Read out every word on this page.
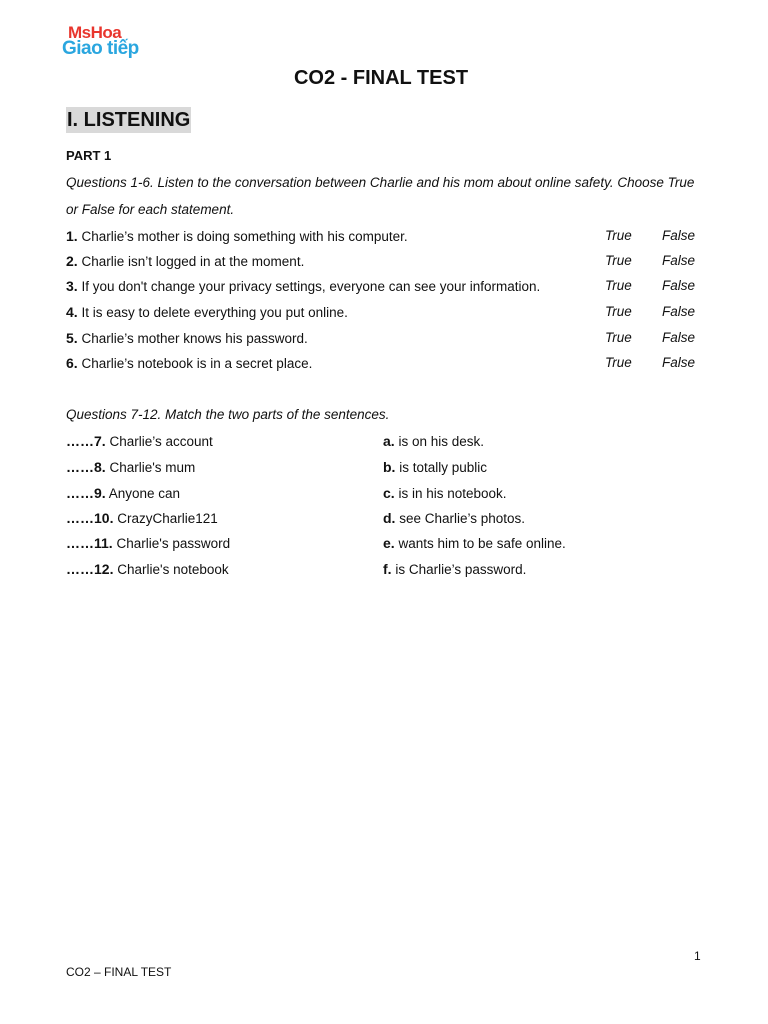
MsHoa
Giao tiếp
CO2 - FINAL TEST
I. LISTENING
PART 1
Questions 1-6. Listen to the conversation between Charlie and his mom about online safety. Choose True or False for each statement.
1. Charlie’s mother is doing something with his computer.	True False
2. Charlie isn’t logged in at the moment.	True False
3. If you don't change your privacy settings, everyone can see your information.	True False
4. It is easy to delete everything you put online.	True False
5. Charlie’s mother knows his password.	True False
6. Charlie’s notebook is in a secret place.	True False
Questions 7-12. Match the two parts of the sentences.
……7. Charlie’s account	a. is on his desk.
……8. Charlie's mum	b. is totally public
……9. Anyone can	c. is in his notebook.
……10. CrazyCharlie121	d. see Charlie’s photos.
……11. Charlie's password	e. wants him to be safe online.
……12. Charlie's notebook	f. is Charlie’s password.
1
CO2 – FINAL TEST
